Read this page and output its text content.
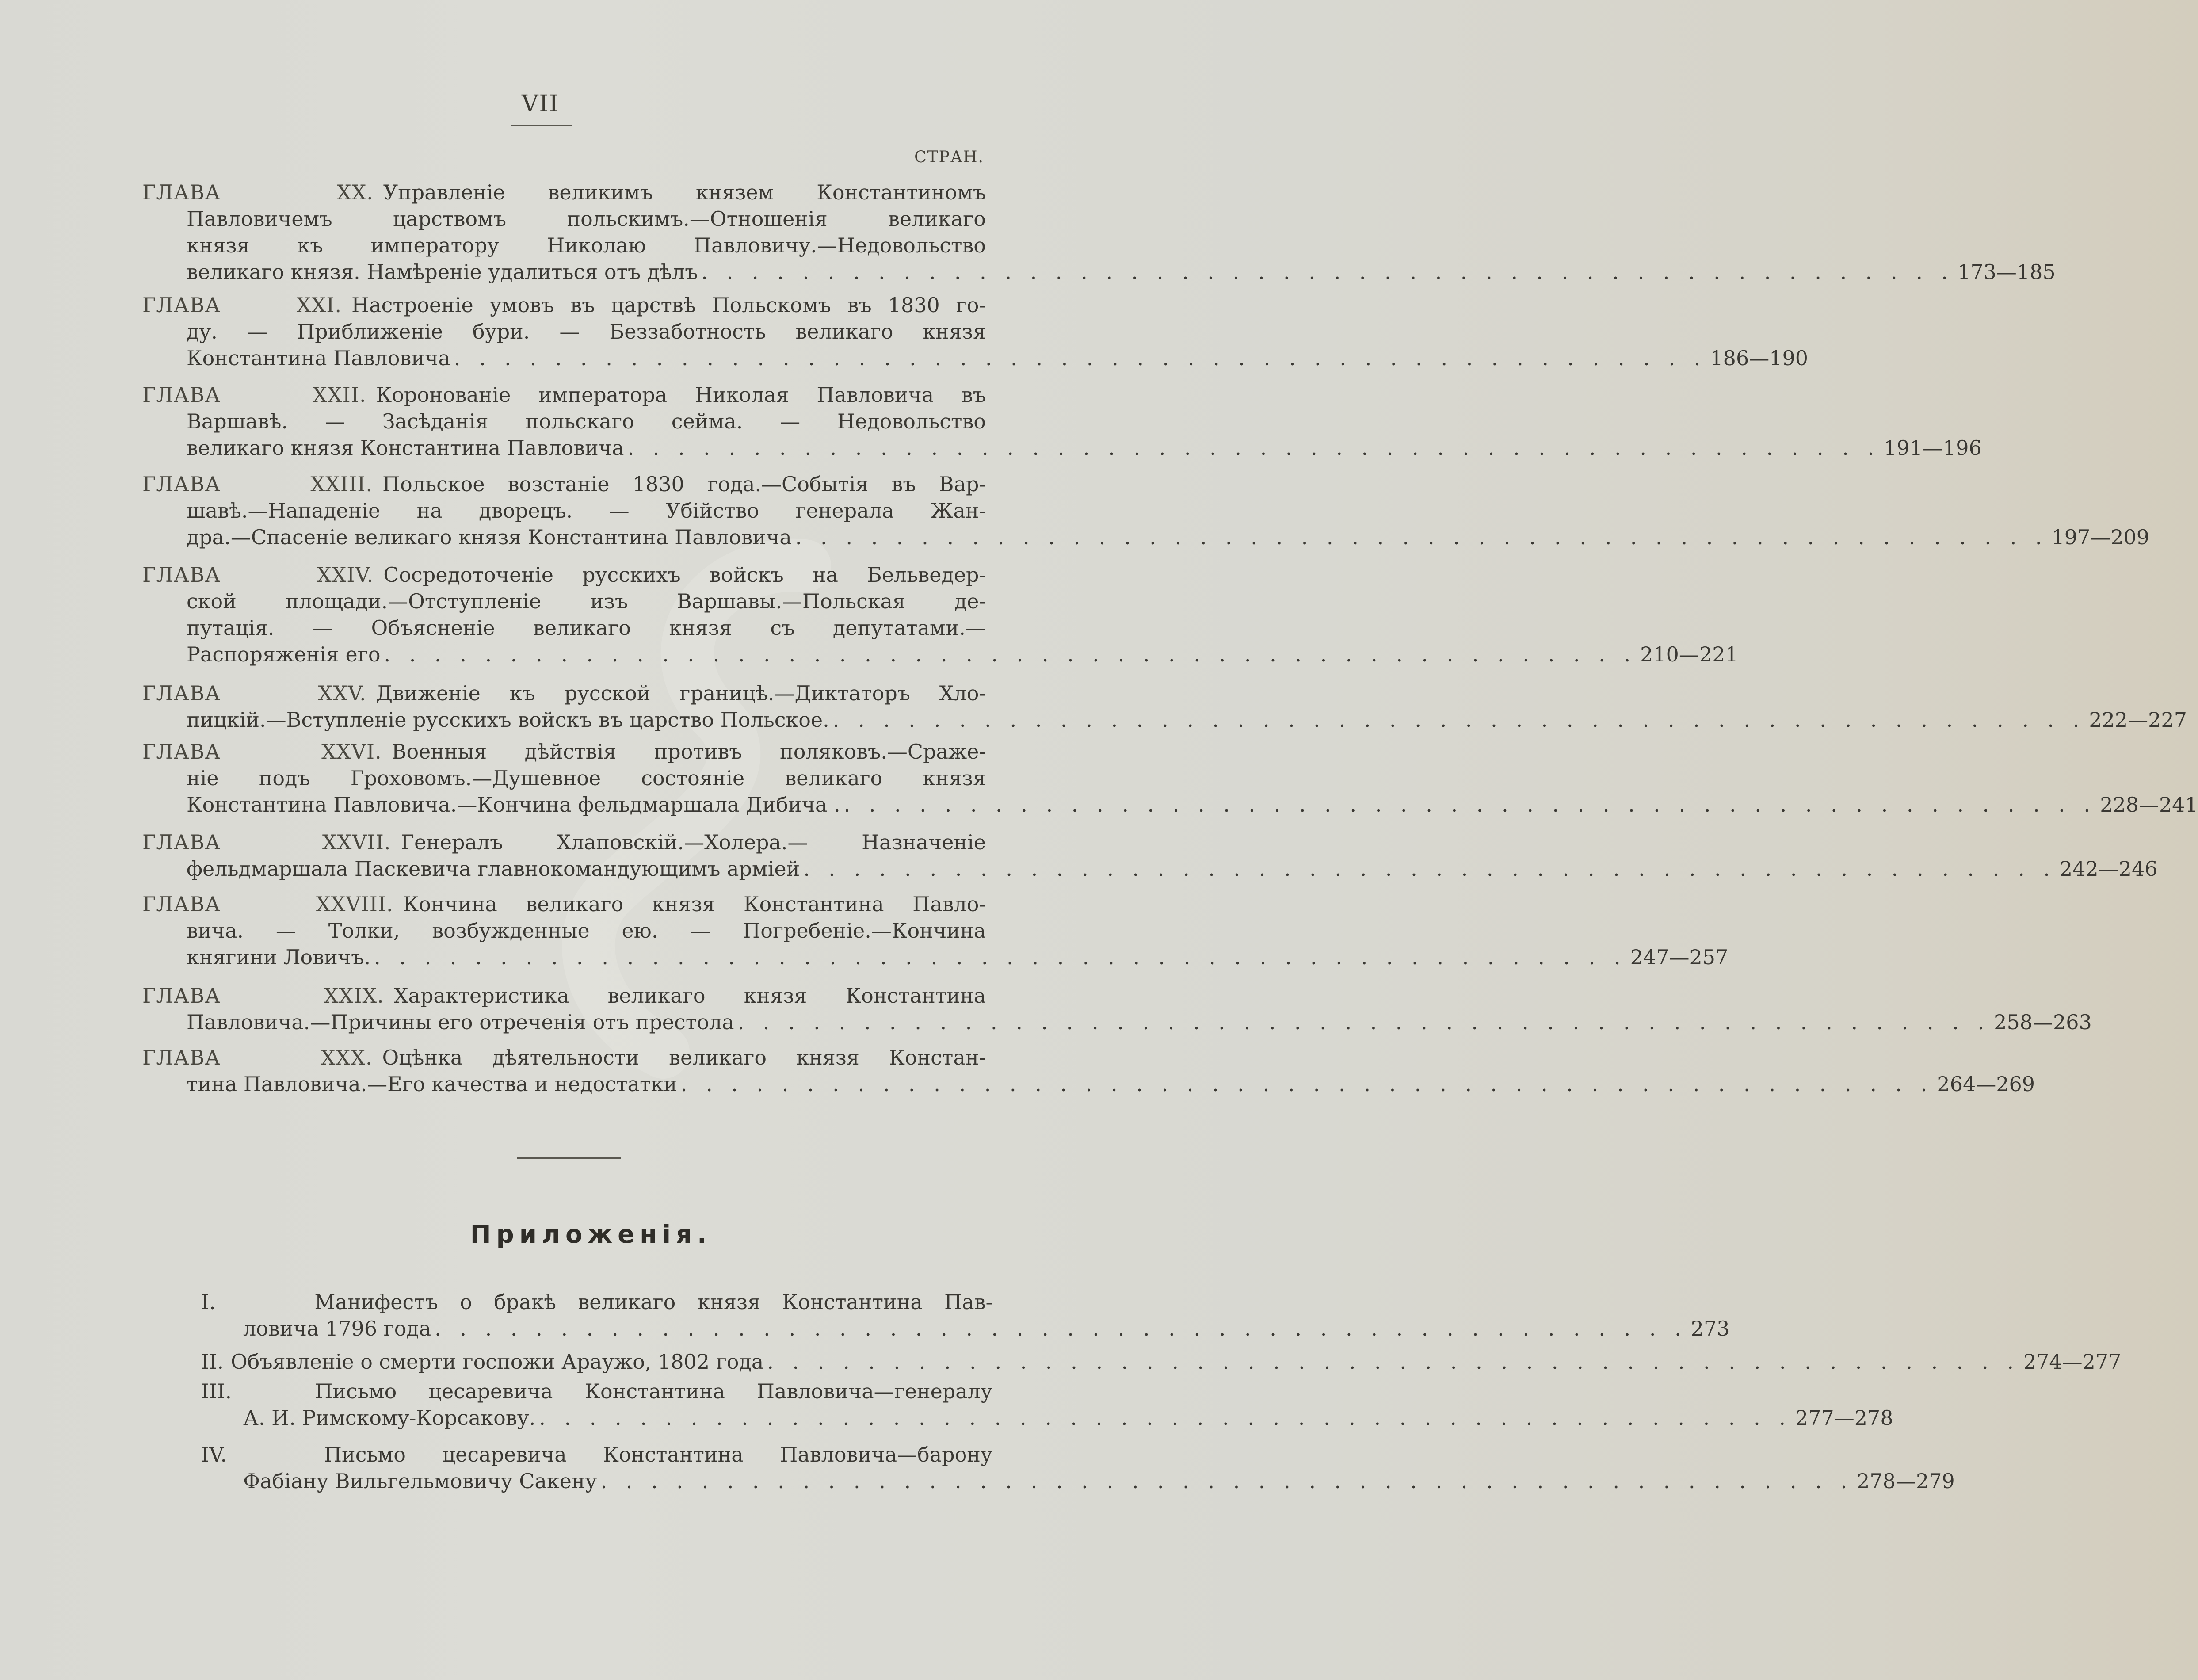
VII
СТРАН.
ГЛАВА XX. Управленіе великимъ князем Константиномъ
Павловичемъ царствомъ польскимъ.—Отношенія великаго
князя къ императору Николаю Павловичу.—Недовольство
великаго князя. Намѣреніе удалиться отъ дѣлъ . . . . . . . . . . . . . . . . . . . . . . . . . . . . . . . . . . . . . . . . . . . . . . . . . . 173—185
ГЛАВА XXI. Настроеніе умовъ въ царствѣ Польскомъ въ 1830 го-
ду. — Приближеніе бури. — Беззаботность великаго князя
Константина Павловича . . . . . . . . . . . . . . . . . . . . . . . . . . . . . . . . . . . . . . . . . . . . . . . . . . 186—190
ГЛАВА XXII. Коронованіе императора Николая Павловича въ
Варшавѣ. — Засѣданія польскаго сейма. — Недовольство
великаго князя Константина Павловича . . . . . . . . . . . . . . . . . . . . . . . . . . . . . . . . . . . . . . . . . . . . . . . . . . 191—196
ГЛАВА XXIII. Польское возстаніе 1830 года.—Событія въ Вар-
шавѣ.—Нападеніе на дворецъ. — Убійство генерала Жан-
дра.—Спасеніе великаго князя Константина Павловича . . . . . . . . . . . . . . . . . . . . . . . . . . . . . . . . . . . . . . . . . . . . . . . . . . 197—209
ГЛАВА XXIV. Сосредоточеніе русскихъ войскъ на Бельведер-
ской площади.—Отступленіе изъ Варшавы.—Польская де-
путація. — Объясненіе великаго князя съ депутатами.—
Распоряженія его . . . . . . . . . . . . . . . . . . . . . . . . . . . . . . . . . . . . . . . . . . . . . . . . . . 210—221
ГЛАВА XXV. Движеніе къ русской границѣ.—Диктаторъ Хло-
пицкій.—Вступленіе русскихъ войскъ въ царство Польское. . . . . . . . . . . . . . . . . . . . . . . . . . . . . . . . . . . . . . . . . . . . . . . . . . . 222—227
ГЛАВА XXVI. Военныя дѣйствія противъ поляковъ.—Сраже-
ніе подъ Гроховомъ.—Душевное состояніе великаго князя
Константина Павловича.—Кончина фельдмаршала Дибича . . . . . . . . . . . . . . . . . . . . . . . . . . . . . . . . . . . . . . . . . . . . . . . . . . . 228—241
ГЛАВА XXVII. Генералъ Хлаповскій.—Холера.— Назначеніе
фельдмаршала Паскевича главнокомандующимъ арміей . . . . . . . . . . . . . . . . . . . . . . . . . . . . . . . . . . . . . . . . . . . . . . . . . . 242—246
ГЛАВА XXVIII. Кончина великаго князя Константина Павло-
вича. — Толки, возбужденные ею. — Погребеніе.—Кончина
княгини Ловичъ. . . . . . . . . . . . . . . . . . . . . . . . . . . . . . . . . . . . . . . . . . . . . . . . . . . 247—257
ГЛАВА XXIX. Характеристика великаго князя Константина
Павловича.—Причины его отреченія отъ престола . . . . . . . . . . . . . . . . . . . . . . . . . . . . . . . . . . . . . . . . . . . . . . . . . . 258—263
ГЛАВА XXX. Оцѣнка дѣятельности великаго князя Констан-
тина Павловича.—Его качества и недостатки . . . . . . . . . . . . . . . . . . . . . . . . . . . . . . . . . . . . . . . . . . . . . . . . . . 264—269
Приложенія.
I.	Манифестъ о бракѣ великаго князя Константина Пав-
ловича 1796 года . . . . . . . . . . . . . . . . . . . . . . . . . . . . . . . . . . . . . . . . . . . . . . . . . . 273
II. Объявленіе о смерти госпожи Араужо, 1802 года . . . . . . . . . . . . . . . . . . . . . . . . . . . . . . . . . . . . . . . . . . . . . . . . . . 274—277
III.	Письмо цесаревича Константина Павловича—генералу
А. И. Римскому-Корсакову. . . . . . . . . . . . . . . . . . . . . . . . . . . . . . . . . . . . . . . . . . . . . . . . . . . 277—278
IV.	Письмо цесаревича Константина Павловича—барону
Фабіану Вильгельмовичу Сакену . . . . . . . . . . . . . . . . . . . . . . . . . . . . . . . . . . . . . . . . . . . . . . . . . . 278—279
